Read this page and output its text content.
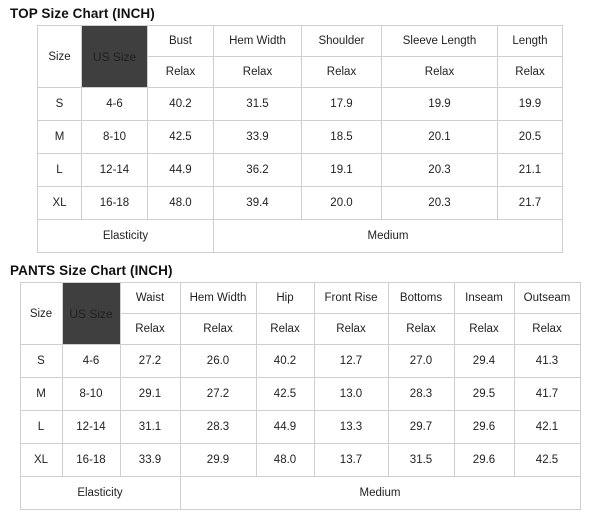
TOP Size Chart (INCH)
Size	US Size	Bust	Hem Width	Shoulder	Sleeve Length	Length
		Relax	Relax	Relax	Relax	Relax
S	4-6	40.2	31.5	17.9	19.9	19.9
M	8-10	42.5	33.9	18.5	20.1	20.5
L	12-14	44.9	36.2	19.1	20.3	21.1
XL	16-18	48.0	39.4	20.0	20.3	21.7
Elasticity			Medium			
PANTS Size Chart (INCH)
Size	US Size	Waist	Hem Width	Hip	Front Rise	Bottoms	Inseam	Outseam
		Relax	Relax	Relax	Relax	Relax	Relax	Relax
S	4-6	27.2	26.0	40.2	12.7	27.0	29.4	41.3
M	8-10	29.1	27.2	42.5	13.0	28.3	29.5	41.7
L	12-14	31.1	28.3	44.9	13.3	29.7	29.6	42.1
XL	16-18	33.9	29.9	48.0	13.7	31.5	29.6	42.5
Elasticity			Medium					
